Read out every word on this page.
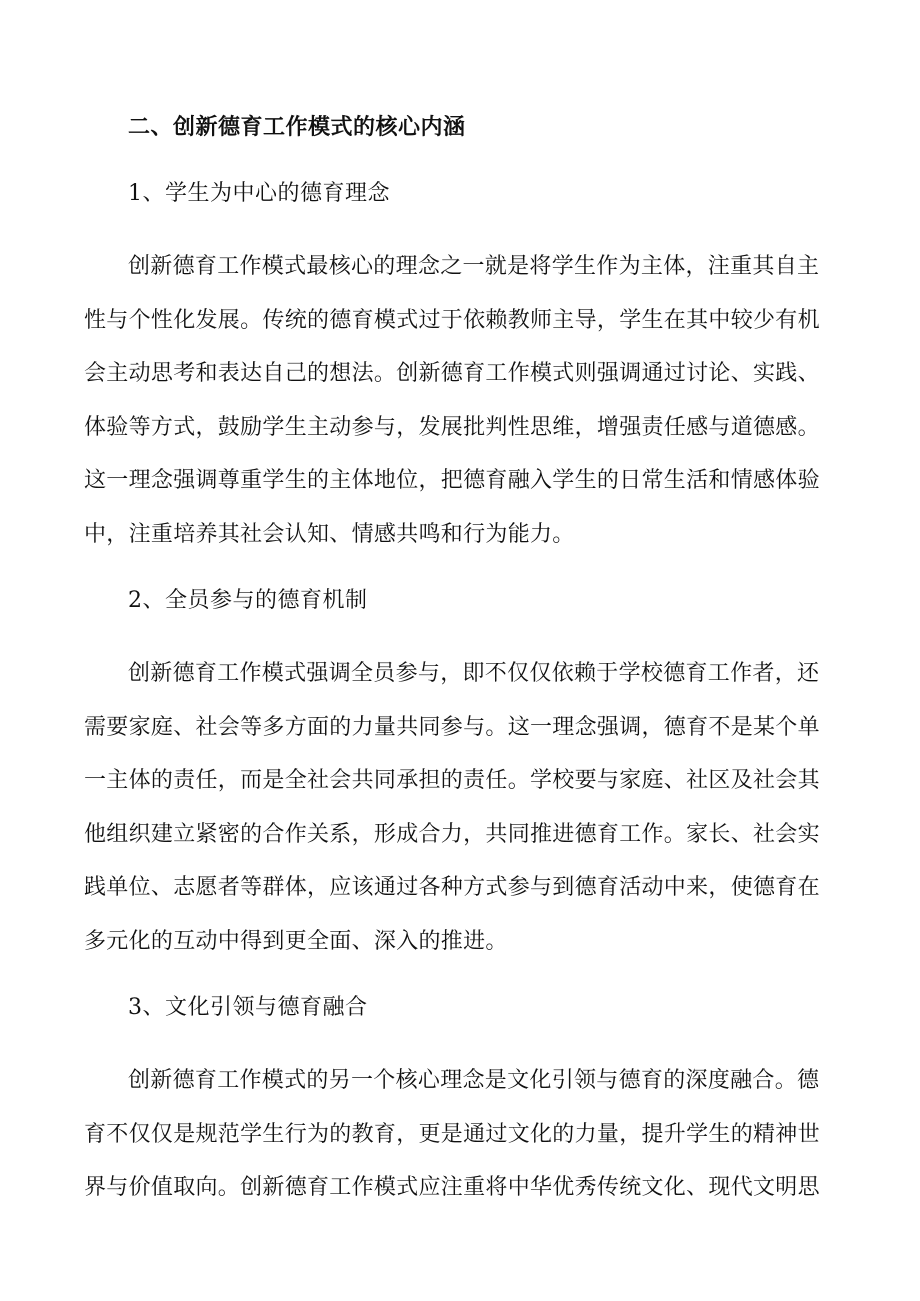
二、创新德育工作模式的核心内涵
1、学生为中心的德育理念
创新德育工作模式最核心的理念之一就是将学生作为主体，注重其自主
性与个性化发展。传统的德育模式过于依赖教师主导，学生在其中较少有机
会主动思考和表达自己的想法。创新德育工作模式则强调通过讨论、实践、
体验等方式，鼓励学生主动参与，发展批判性思维，增强责任感与道德感。
这一理念强调尊重学生的主体地位，把德育融入学生的日常生活和情感体验
中，注重培养其社会认知、情感共鸣和行为能力。
2、全员参与的德育机制
创新德育工作模式强调全员参与，即不仅仅依赖于学校德育工作者，还
需要家庭、社会等多方面的力量共同参与。这一理念强调，德育不是某个单
一主体的责任，而是全社会共同承担的责任。学校要与家庭、社区及社会其
他组织建立紧密的合作关系，形成合力，共同推进德育工作。家长、社会实
践单位、志愿者等群体，应该通过各种方式参与到德育活动中来，使德育在
多元化的互动中得到更全面、深入的推进。
3、文化引领与德育融合
创新德育工作模式的另一个核心理念是文化引领与德育的深度融合。德
育不仅仅是规范学生行为的教育，更是通过文化的力量，提升学生的精神世
界与价值取向。创新德育工作模式应注重将中华优秀传统文化、现代文明思
